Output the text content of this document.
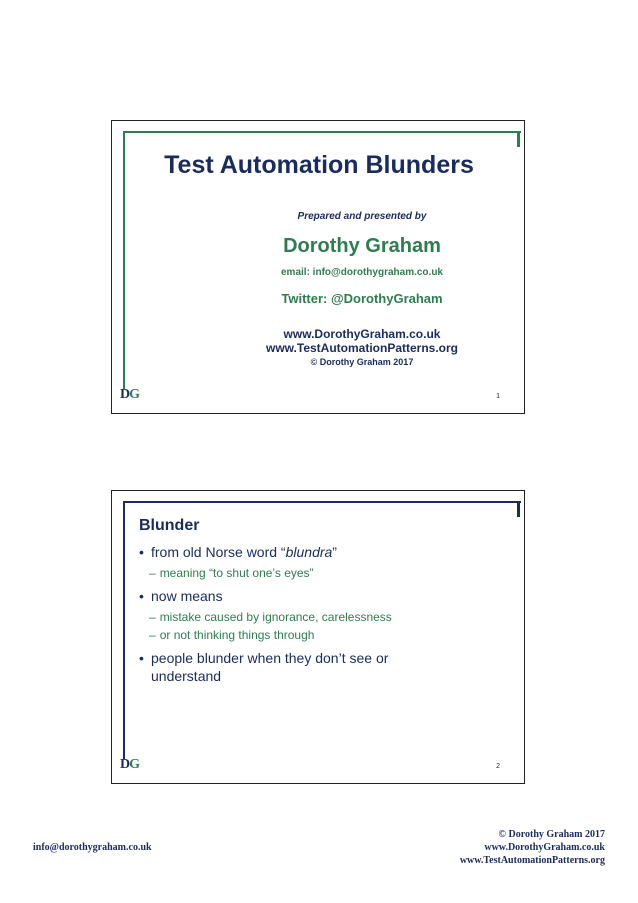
Test Automation Blunders
Prepared and presented by
Dorothy Graham
email: info@dorothygraham.co.uk
Twitter: @DorothyGraham
www.DorothyGraham.co.uk
www.TestAutomationPatterns.org
© Dorothy Graham 2017
DG	1
Blunder
• from old Norse word “blundra”
– meaning “to shut one’s eyes”
• now means
– mistake caused by ignorance, carelessness
– or not thinking things through
• people blunder when they don’t see or understand
DG	2
info@dorothygraham.co.uk
© Dorothy Graham 2017
www.DorothyGraham.co.uk
www.TestAutomationPatterns.org
